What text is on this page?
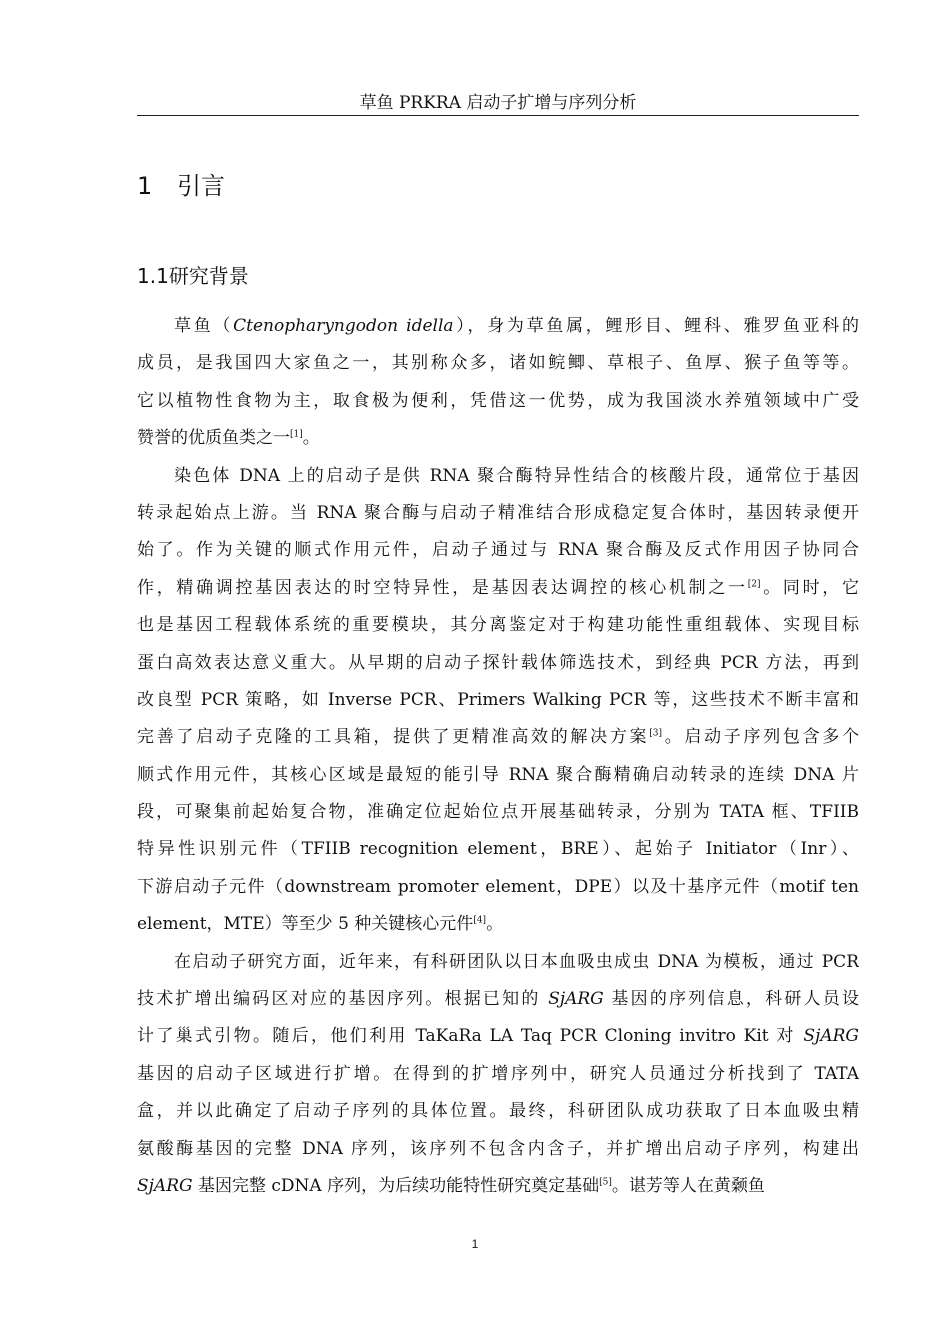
草鱼 PRKRA 启动子扩增与序列分析
1 引言
1.1研究背景
草鱼（Ctenopharyngodon idella），身为草鱼属，鲤形目、鲤科、雅罗鱼亚科的
成员，是我国四大家鱼之一，其别称众多，诸如鲩鲫、草根子、鱼厚、猴子鱼等等。
它以植物性食物为主，取食极为便利，凭借这一优势，成为我国淡水养殖领域中广受
赞誉的优质鱼类之一[1]。
染色体 DNA 上的启动子是供 RNA 聚合酶特异性结合的核酸片段，通常位于基因
转录起始点上游。当 RNA 聚合酶与启动子精准结合形成稳定复合体时，基因转录便开
始了。作为关键的顺式作用元件，启动子通过与 RNA 聚合酶及反式作用因子协同合
作，精确调控基因表达的时空特异性，是基因表达调控的核心机制之一[2]。同时，它
也是基因工程载体系统的重要模块，其分离鉴定对于构建功能性重组载体、实现目标
蛋白高效表达意义重大。从早期的启动子探针载体筛选技术，到经典 PCR 方法，再到
改良型 PCR 策略，如 Inverse PCR、Primers Walking PCR 等，这些技术不断丰富和
完善了启动子克隆的工具箱，提供了更精准高效的解决方案[3]。启动子序列包含多个
顺式作用元件，其核心区域是最短的能引导 RNA 聚合酶精确启动转录的连续 DNA 片
段，可聚集前起始复合物，准确定位起始位点开展基础转录，分别为 TATA 框、TFIIB
特异性识别元件（TFIIB recognition element，BRE）、起始子 Initiator（Inr）、
下游启动子元件（downstream promoter element，DPE）以及十基序元件（motif ten
element，MTE）等至少 5 种关键核心元件[4]。
在启动子研究方面，近年来，有科研团队以日本血吸虫成虫 DNA 为模板，通过 PCR
技术扩增出编码区对应的基因序列。根据已知的 SjARG 基因的序列信息，科研人员设
计了巢式引物。随后，他们利用 TaKaRa LA Taq PCR Cloning invitro Kit 对 SjARG
基因的启动子区域进行扩增。在得到的扩增序列中，研究人员通过分析找到了 TATA
盒，并以此确定了启动子序列的具体位置。最终，科研团队成功获取了日本血吸虫精
氨酸酶基因的完整 DNA 序列，该序列不包含内含子，并扩增出启动子序列，构建出
SjARG 基因完整 cDNA 序列，为后续功能特性研究奠定基础[5]。谌芳等人在黄颡鱼
1
